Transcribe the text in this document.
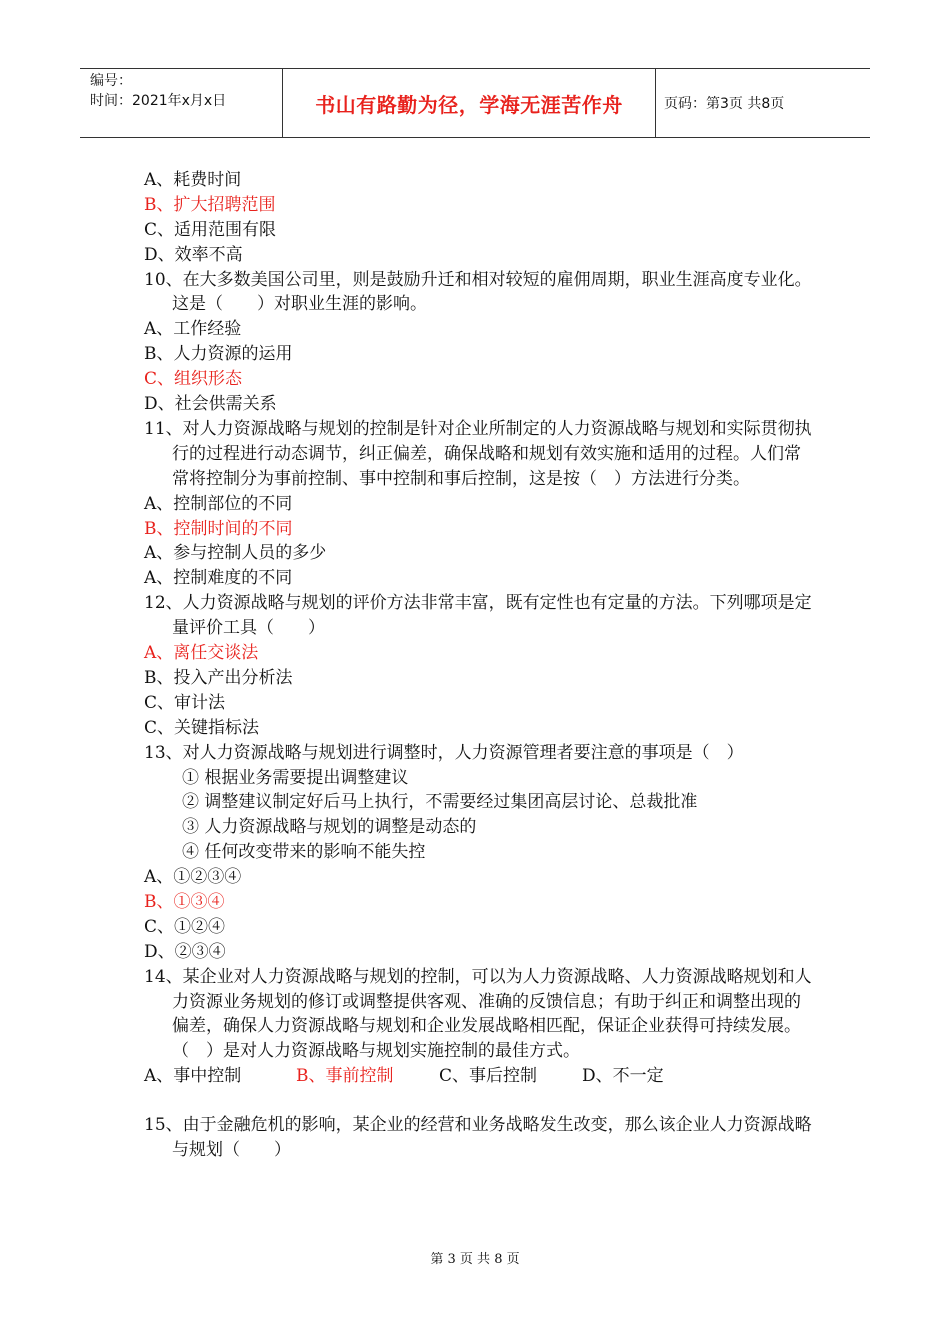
编号：
时间：2021年x月x日	书山有路勤为径，学海无涯苦作舟	页码：第3页 共8页
A、耗费时间
B、扩大招聘范围
C、适用范围有限
D、效率不高
10、在大多数美国公司里，则是鼓励升迁和相对较短的雇佣周期，职业生涯高度专业化。这是（　　）对职业生涯的影响。
A、工作经验
B、人力资源的运用
C、组织形态
D、社会供需关系
11、对人力资源战略与规划的控制是针对企业所制定的人力资源战略与规划和实际贯彻执行的过程进行动态调节，纠正偏差，确保战略和规划有效实施和适用的过程。人们常常将控制分为事前控制、事中控制和事后控制，这是按（　）方法进行分类。
A、控制部位的不同
B、控制时间的不同
A、参与控制人员的多少
A、控制难度的不同
12、人力资源战略与规划的评价方法非常丰富，既有定性也有定量的方法。下列哪项是定量评价工具（　　）
A、离任交谈法
B、投入产出分析法
C、审计法
C、关键指标法
13、对人力资源战略与规划进行调整时，人力资源管理者要注意的事项是（　）
① 根据业务需要提出调整建议
② 调整建议制定好后马上执行，不需要经过集团高层讨论、总裁批准
③ 人力资源战略与规划的调整是动态的
④ 任何改变带来的影响不能失控
A、①②③④
B、①③④
C、①②④
D、②③④
14、某企业对人力资源战略与规划的控制，可以为人力资源战略、人力资源战略规划和人力资源业务规划的修订或调整提供客观、准确的反馈信息；有助于纠正和调整出现的偏差，确保人力资源战略与规划和企业发展战略相匹配，保证企业获得可持续发展。（　）是对人力资源战略与规划实施控制的最佳方式。
A、事中控制	B、事前控制	C、事后控制	D、不一定
15、由于金融危机的影响，某企业的经营和业务战略发生改变，那么该企业人力资源战略与规划（　　）
第 3 页 共 8 页
